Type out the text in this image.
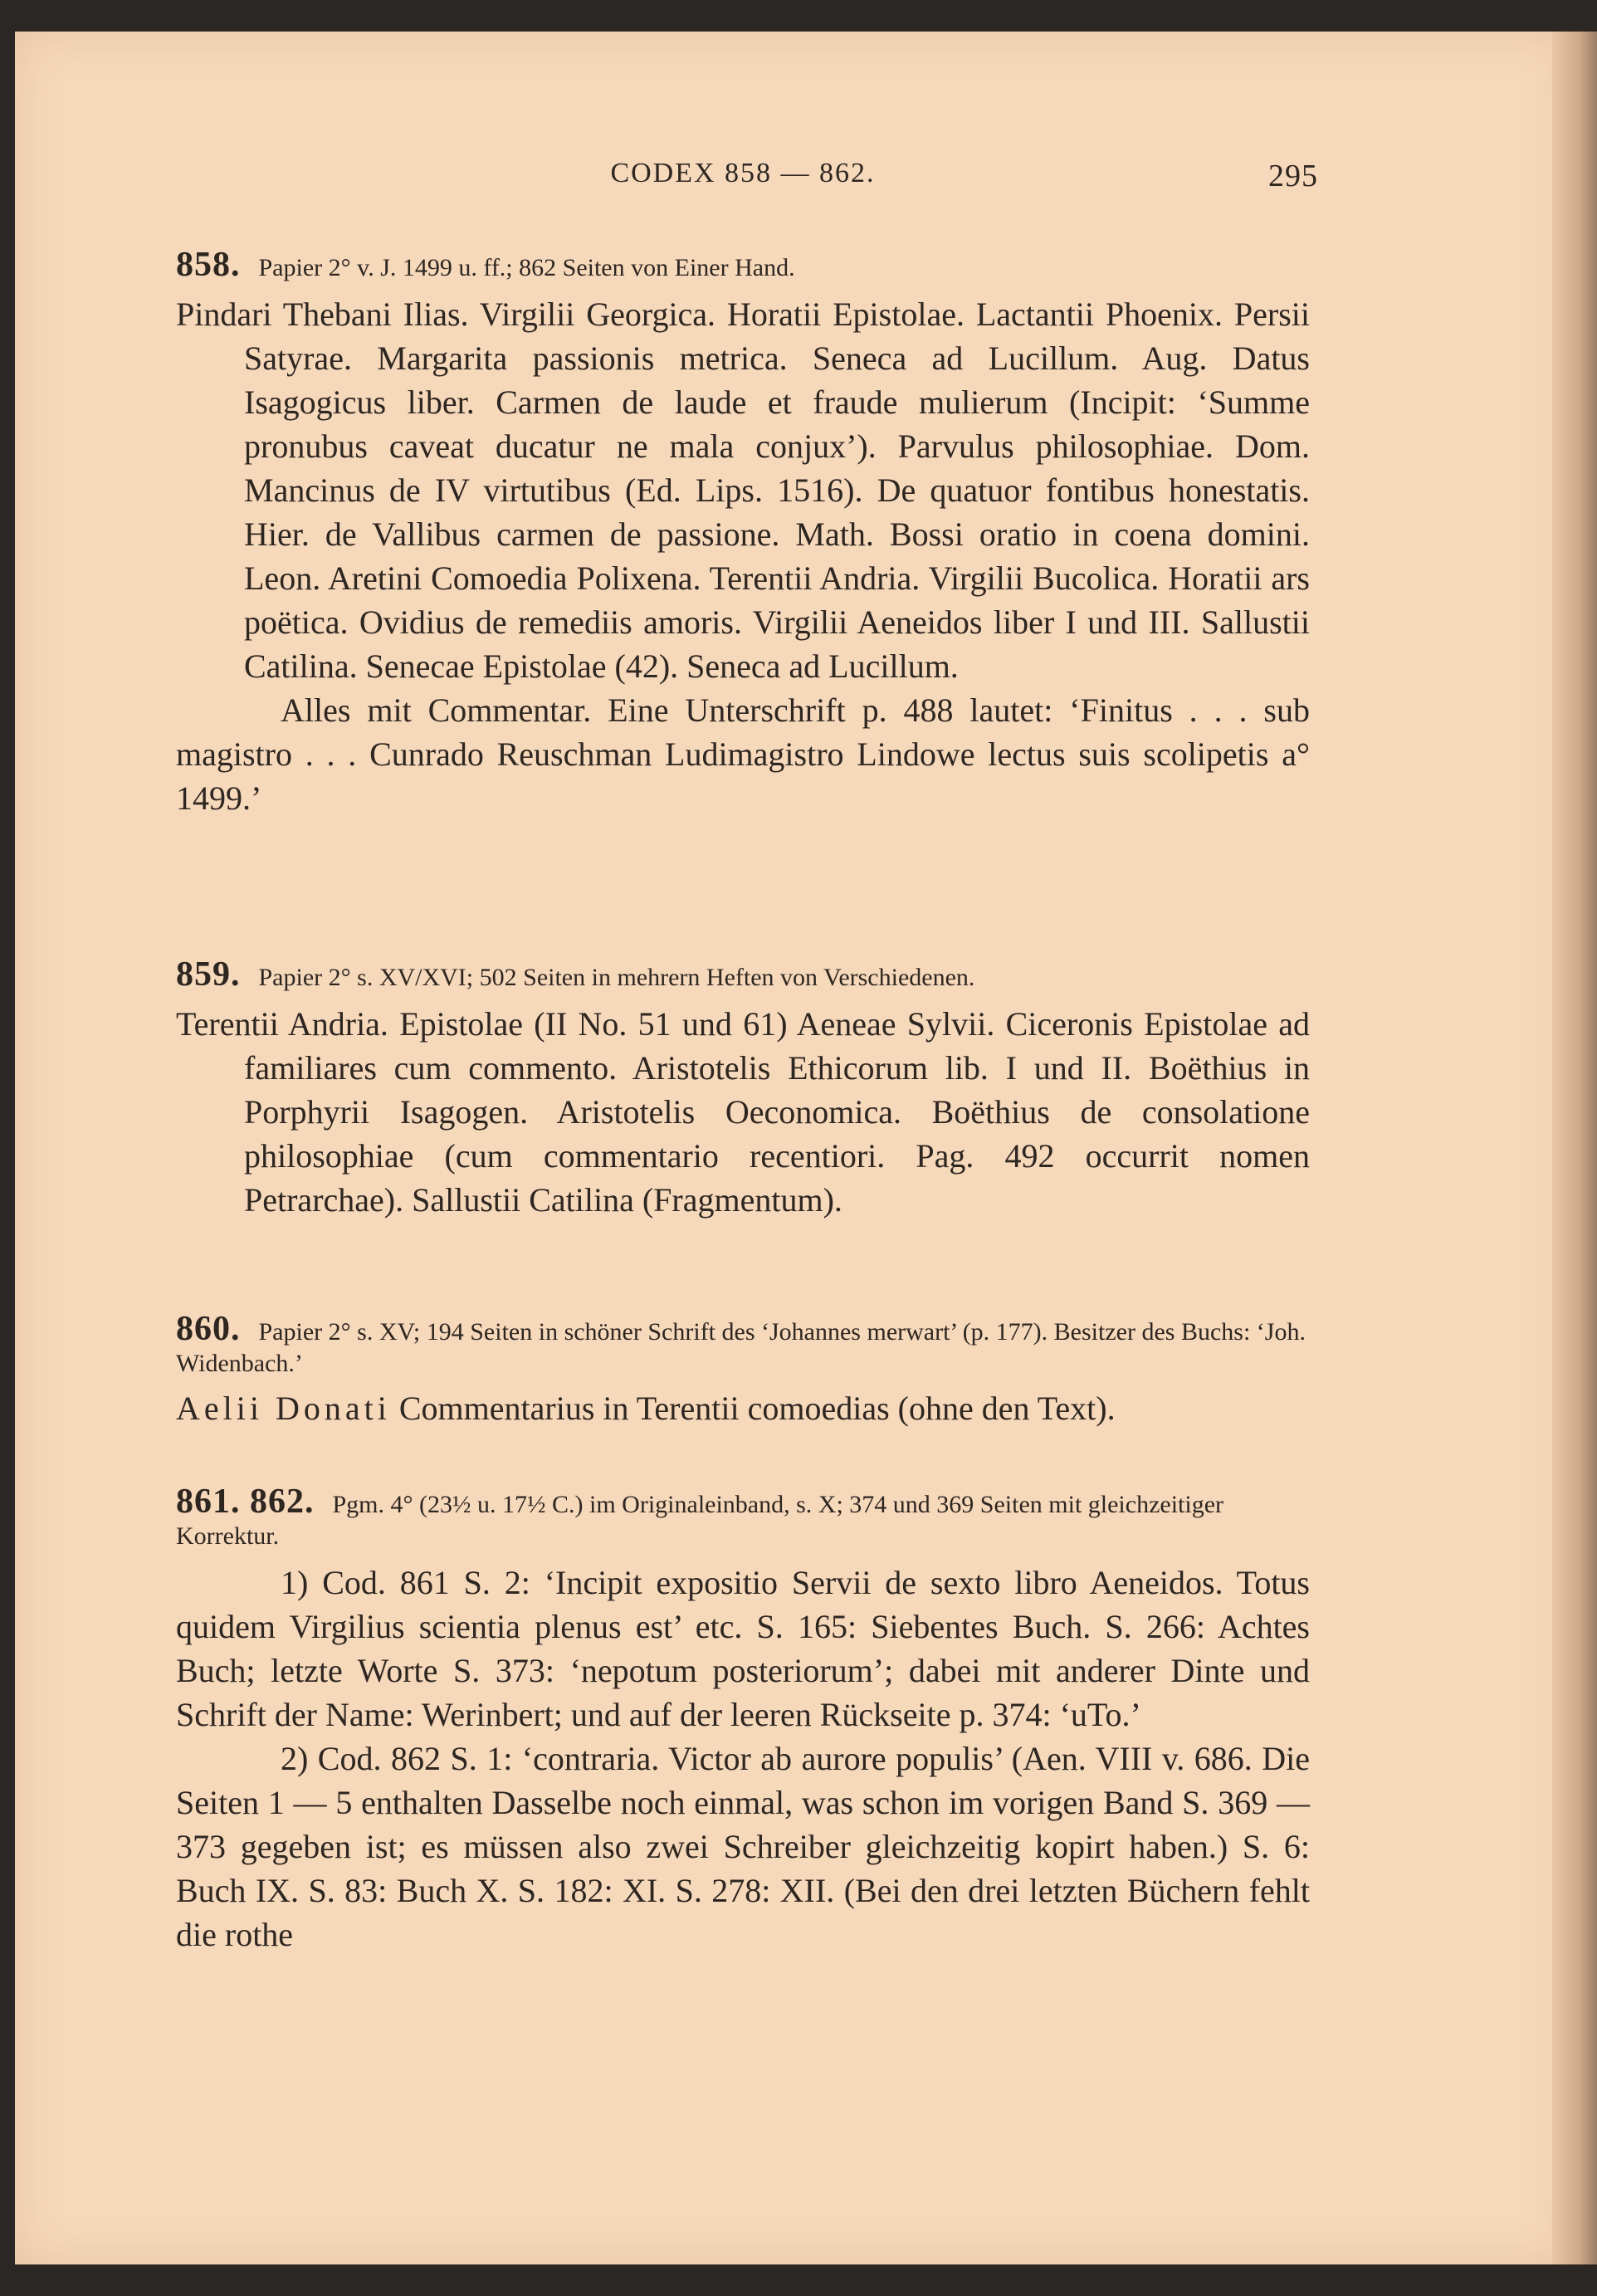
CODEX 858 — 862.	295
858. Papier 2° v. J. 1499 u. ff.; 862 Seiten von Einer Hand.

Pindari Thebani Ilias. Virgilii Georgica. Horatii Epistolae. Lactantii Phoenix. Persii Satyrae. Margarita passionis metrica. Seneca ad Lucillum. Aug. Datus Isagogicus liber. Carmen de laude et fraude mulierum (Incipit: ‘Summe pronubus caveat ducatur ne mala conjux’). Parvulus philosophiae. Dom. Mancinus de IV virtutibus (Ed. Lips. 1516). De quatuor fontibus honestatis. Hier. de Vallibus carmen de passione. Math. Bossi oratio in coena domini. Leon. Aretini Comoedia Polixena. Terentii Andria. Virgilii Bucolica. Horatii ars poëtica. Ovidius de remediis amoris. Virgilii Aeneidos liber I und III. Sallustii Catilina. Senecae Epistolae (42). Seneca ad Lucillum.

Alles mit Commentar. Eine Unterschrift p. 488 lautet: ‘Finitus . . . sub magistro . . . Cunrado Reuschman Ludimagistro Lindowe lectus suis scolipetis a° 1499.’

859. Papier 2° s. XV/XVI; 502 Seiten in mehrern Heften von Verschiedenen.

Terentii Andria. Epistolae (II No. 51 und 61) Aeneae Sylvii. Ciceronis Epistolae ad familiares cum commento. Aristotelis Ethicorum lib. I und II. Boëthius in Porphyrii Isagogen. Aristotelis Oeconomica. Boëthius de consolatione philosophiae (cum commentario recentiori. Pag. 492 occurrit nomen Petrarchae). Sallustii Catilina (Fragmentum).

860. Papier 2° s. XV; 194 Seiten in schöner Schrift des ‘Johannes merwart’ (p. 177). Besitzer des Buchs: ‘Joh. Widenbach.’

Aelii Donati Commentarius in Terentii comoedias (ohne den Text).

861. 862. Pgm. 4° (23½ u. 17½ C.) im Originaleinband, s. X; 374 und 369 Seiten mit gleichzeitiger Korrektur.

1) Cod. 861 S. 2: ‘Incipit expositio Servii de sexto libro Aeneidos. Totus quidem Virgilius scientia plenus est’ etc. S. 165: Siebentes Buch. S. 266: Achtes Buch; letzte Worte S. 373: ‘nepotum posteriorum’; dabei mit anderer Dinte und Schrift der Name: Werinbert; und auf der leeren Rückseite p. 374: ‘uTo.’

2) Cod. 862 S. 1: ‘contraria. Victor ab aurore populis’ (Aen. VIII v. 686. Die Seiten 1 — 5 enthalten Dasselbe noch einmal, was schon im vorigen Band S. 369 — 373 gegeben ist; es müssen also zwei Schreiber gleichzeitig kopirt haben.) S. 6: Buch IX. S. 83: Buch X. S. 182: XI. S. 278: XII. (Bei den drei letzten Büchern fehlt die rothe
